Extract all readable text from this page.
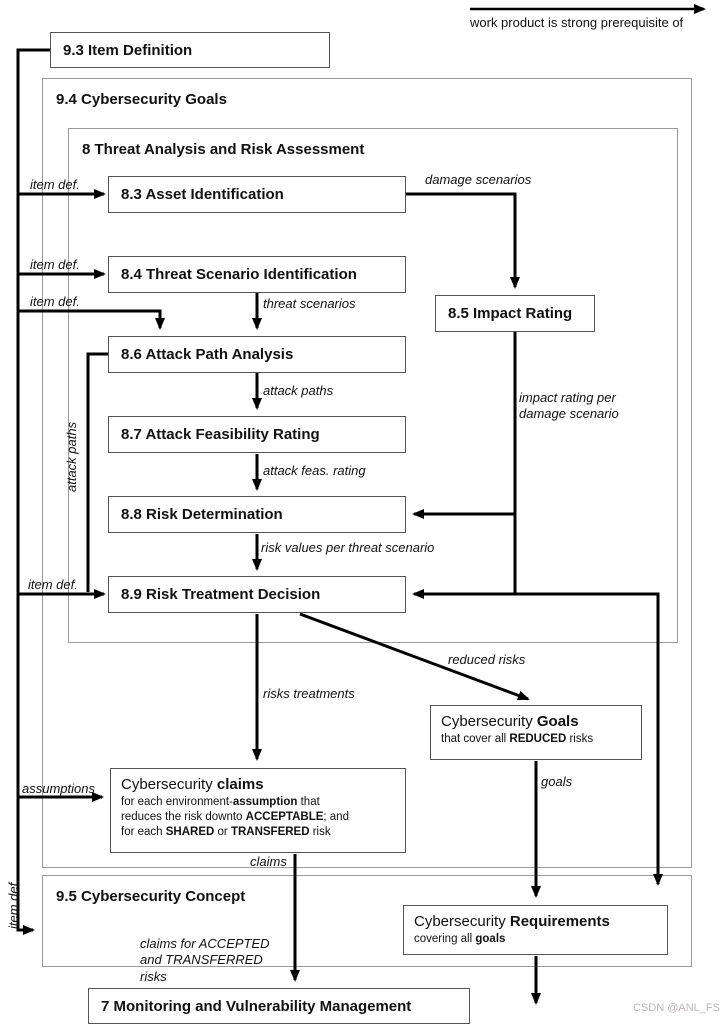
9.4 Cybersecurity Goals
8 Threat Analysis and Risk Assessment
9.5 Cybersecurity Concept
9.3 Item Definition
8.3 Asset Identification
8.4 Threat Scenario Identification
8.5 Impact Rating
8.6 Attack Path Analysis
8.7 Attack Feasibility Rating
8.8 Risk Determination
8.9 Risk Treatment Decision
7 Monitoring and Vulnerability Management
Cybersecurity Goals
that cover all REDUCED risks
Cybersecurity claims
for each environment-assumption that
reduces the risk downto ACCEPTABLE; and
for each SHARED or TRANSFERED risk
Cybersecurity Requirements
covering all goals
work product is strong prerequisite of
item def.
item def.
item def.
item def.
damage scenarios
threat scenarios
attack paths
attack feas. rating
impact rating per damage scenario
risk values per threat scenario
reduced risks
risks treatments
goals
assumptions
claims
claims for ACCEPTED and TRANSFERRED risks
attack paths
item def.
CSDN @ANL_FS
